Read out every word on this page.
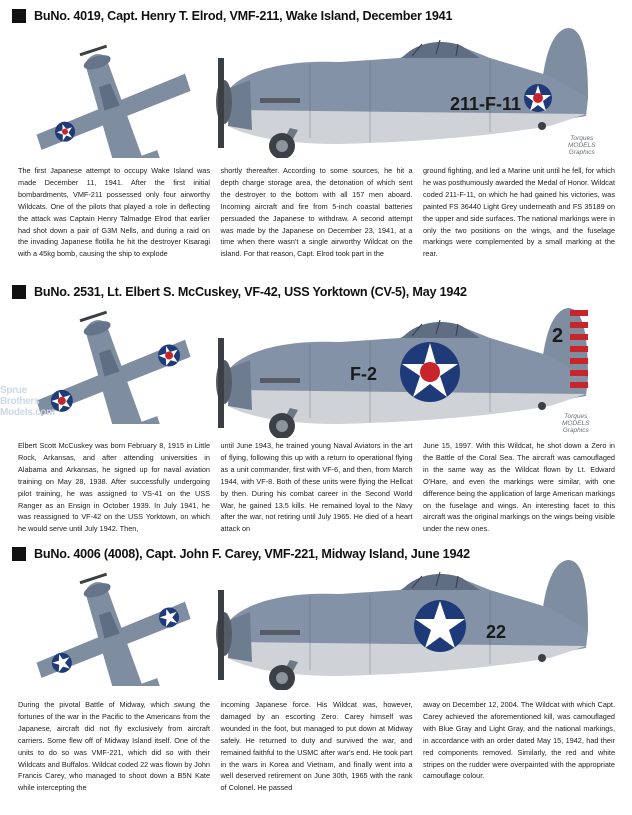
BuNo. 4019, Capt. Henry T. Elrod, VMF-211, Wake Island, December 1941
211-F-11
Torques
MODELS
Graphics

The first Japanese attempt to occupy Wake Island was made December 11, 1941. After the first initial bombardments, VMF-211 possessed only four airworthy Wildcats. One of the pilots that played a role in deflecting the attack was Captain Henry Talmadge Elrod that earlier had shot down a pair of G3M Nells, and during a raid on the invading Japanese flotilla he hit the destroyer Kisaragi with a 45kg bomb, causing the ship to explode

shortly thereafter. According to some sources, he hit a depth charge storage area, the detonation of which sent the destroyer to the bottom with all 157 men aboard. Incoming aircraft and fire from 5-inch coastal batteries persuaded the Japanese to withdraw. A second attempt was made by the Japanese on December 23, 1941, at a time when there wasn't a single airworthy Wildcat on the island. For that reason, Capt. Elrod took part in the

ground fighting, and led a Marine unit until he fell, for which he was posthumously awarded the Medal of Honor. Wildcat coded 211-F-11, on which he had gained his victories, was painted FS 36440 Light Grey underneath and FS 35189 on the upper and side surfaces. The national markings were in only the two positions on the wings, and the fuselage markings were complemented by a small marking at the rear.

BuNo. 2531, Lt. Elbert S. McCuskey, VF-42, USS Yorktown (CV-5), May 1942
2
F-2
Torques
MODELS
Graphics
Sprue
Brothers
Models.com

Elbert Scott McCuskey was born February 8, 1915 in Little Rock, Arkansas, and after attending universities in Alabama and Arkansas, he signed up for naval aviation training on May 28, 1938. After successfully undergoing pilot training, he was assigned to VS-41 on the USS Ranger as an Ensign in October 1939. In July 1941, he was reassigned to VF-42 on the USS Yorktown, on which he would serve until July 1942. Then,

until June 1943, he trained young Naval Aviators in the art of flying, following this up with a return to operational flying as a unit commander, first with VF-6, and then, from March 1944, with VF-8. Both of these units were flying the Hellcat by then. During his combat career in the Second World War, he gained 13.5 kills. He remained loyal to the Navy after the war, not retiring until July 1965. He died of a heart attack on

June 15, 1997. With this Wildcat, he shot down a Zero in the Battle of the Coral Sea. The aircraft was camouflaged in the same way as the Wildcat flown by Lt. Edward O'Hare, and even the markings were similar, with one difference being the application of large American markings on the fuselage and wings. An interesting facet to this aircraft was the original markings on the wings being visible under the new ones.

BuNo. 4006 (4008), Capt. John F. Carey, VMF-221, Midway Island, June 1942
22

During the pivotal Battle of Midway, which swung the fortunes of the war in the Pacific to the Americans from the Japanese, aircraft did not fly exclusively from aircraft carriers. Some flew off of Midway Island itself. One of the units to do so was VMF-221, which did so with their Wildcats and Buffalos. Wildcat coded 22 was flown by John Francis Carey, who managed to shoot down a B5N Kate while intercepting the

incoming Japanese force. His Wildcat was, however, damaged by an escorting Zero. Carey himself was wounded in the foot, but managed to put down at Midway safely. He returned to duty and survived the war, and remained faithful to the USMC after war's end. He took part in the wars in Korea and Vietnam, and finally went into a well deserved retirement on June 30th, 1965 with the rank of Colonel. He passed

away on December 12, 2004. The Wildcat with which Capt. Carey achieved the aforementioned kill, was camouflaged with Blue Gray and Light Gray, and the national markings, in accordance with an order dated May 15, 1942, had their red components removed. Similarly, the red and white stripes on the rudder were overpainted with the appropriate camouflage colour.
